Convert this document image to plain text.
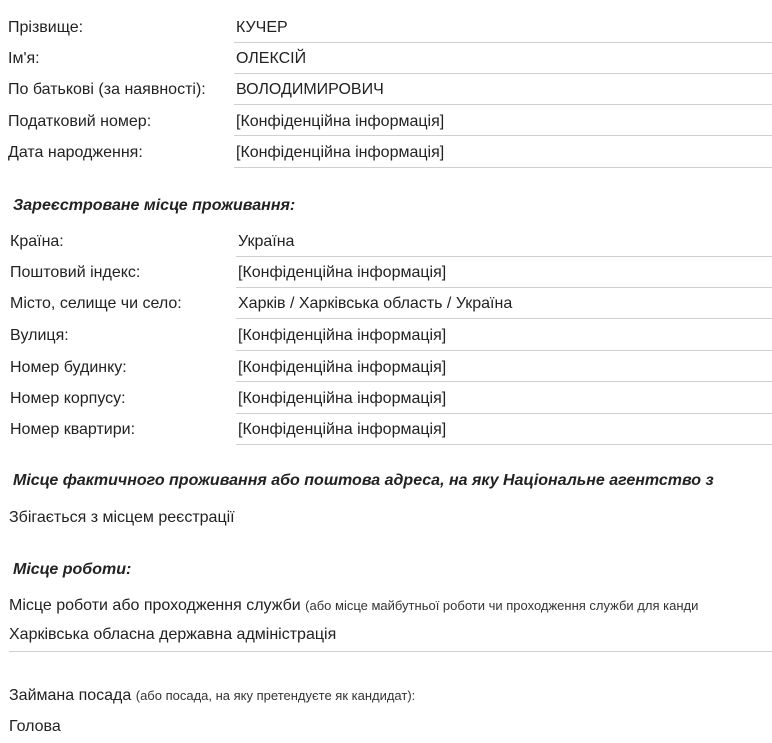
Прізвище:	КУЧЕР
Ім'я:	ОЛЕКСІЙ
По батькові (за наявності): ВОЛОДИМИРОВИЧ
Податковий номер:	[Конфіденційна інформація]
Дата народження:	[Конфіденційна інформація]
Зареєстроване місце проживання:
Країна:	Україна
Поштовий індекс:	[Конфіденційна інформація]
Місто, селище чи село:	Харків / Харківська область / Україна
Вулиця:	[Конфіденційна інформація]
Номер будинку:	[Конфіденційна інформація]
Номер корпусу:	[Конфіденційна інформація]
Номер квартири:	[Конфіденційна інформація]
Місце фактичного проживання або поштова адреса, на яку Національне агентство з
Збігається з місцем реєстрації
Місце роботи:
Місце роботи або проходження служби (або місце майбутньої роботи чи проходження служби для канди
Харківська обласна державна адміністрація
Займана посада (або посада, на яку претендуєте як кандидат):
Голова
